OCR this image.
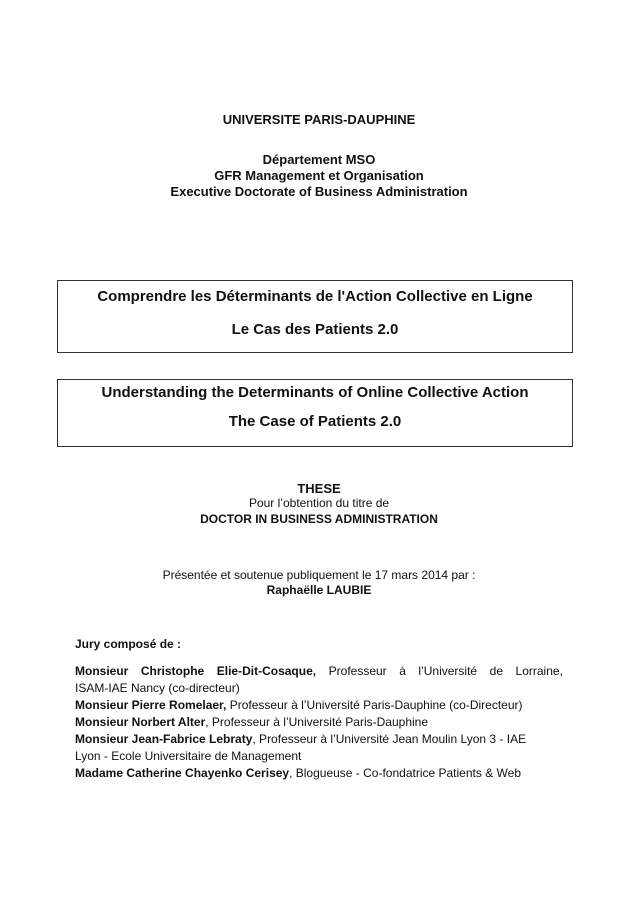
UNIVERSITE PARIS-DAUPHINE
Département MSO
GFR Management et Organisation
Executive Doctorate of Business Administration
Comprendre les Déterminants de l'Action Collective en Ligne
Le Cas des Patients 2.0
Understanding the Determinants of Online Collective Action
The Case of Patients 2.0
THESE
Pour l’obtention du titre de
DOCTOR IN BUSINESS ADMINISTRATION
Présentée et soutenue publiquement le 17 mars 2014 par :
Raphaëlle LAUBIE
Jury composé de :
Monsieur Christophe Elie-Dit-Cosaque, Professeur à l’Université de Lorraine,
ISAM-IAE Nancy (co-directeur)
Monsieur Pierre Romelaer, Professeur à l’Université Paris-Dauphine (co-Directeur)
Monsieur Norbert Alter, Professeur à l’Université Paris-Dauphine
Monsieur Jean-Fabrice Lebraty, Professeur à l’Université Jean Moulin Lyon 3 - IAE
Lyon - Ecole Universitaire de Management
Madame Catherine Chayenko Cerisey, Blogueuse - Co-fondatrice Patients & Web
